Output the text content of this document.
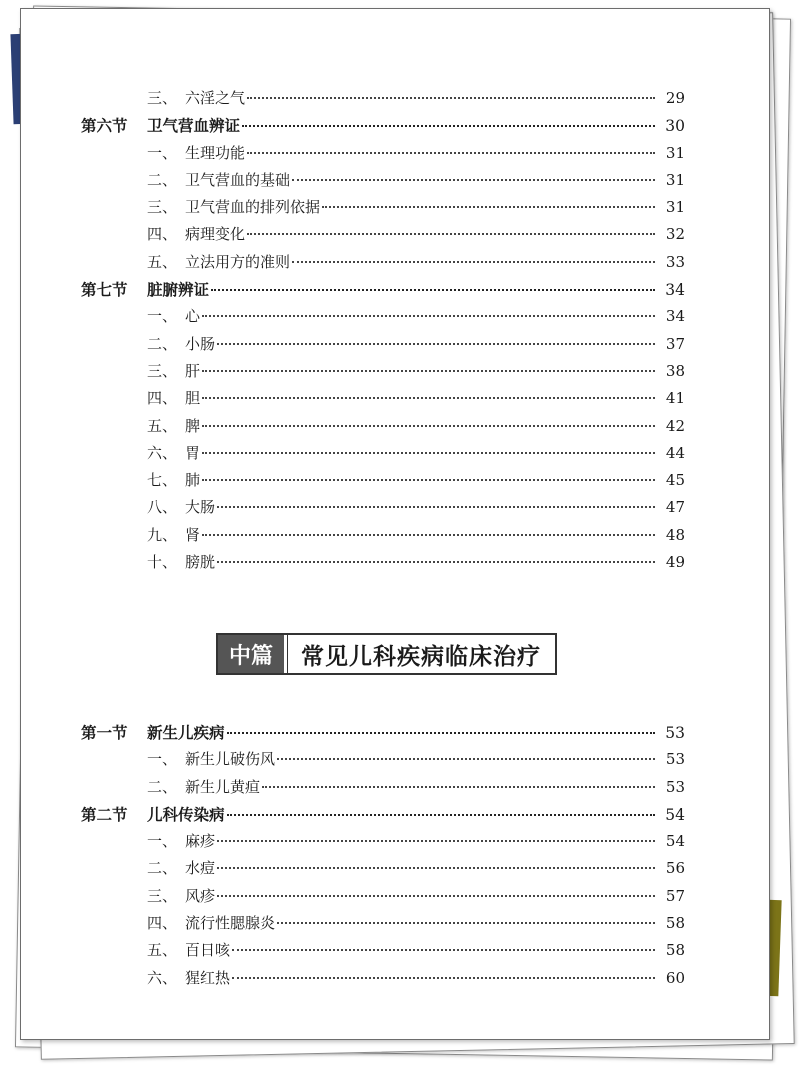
三、 六淫之气	29
第六节	卫气营血辨证	30
一、 生理功能	31
二、 卫气营血的基础	31
三、 卫气营血的排列依据	31
四、 病理变化	32
五、 立法用方的准则	33
第七节	脏腑辨证	34
一、 心	34
二、 小肠	37
三、 肝	38
四、 胆	41
五、 脾	42
六、 胃	44
七、 肺	45
八、 大肠	47
九、 肾	48
十、 膀胱	49
中篇	常见儿科疾病临床治疗
第一节	新生儿疾病	53
一、 新生儿破伤风	53
二、 新生儿黄疸	53
第二节	儿科传染病	54
一、 麻疹	54
二、 水痘	56
三、 风疹	57
四、 流行性腮腺炎	58
五、 百日咳	58
六、 猩红热	60
